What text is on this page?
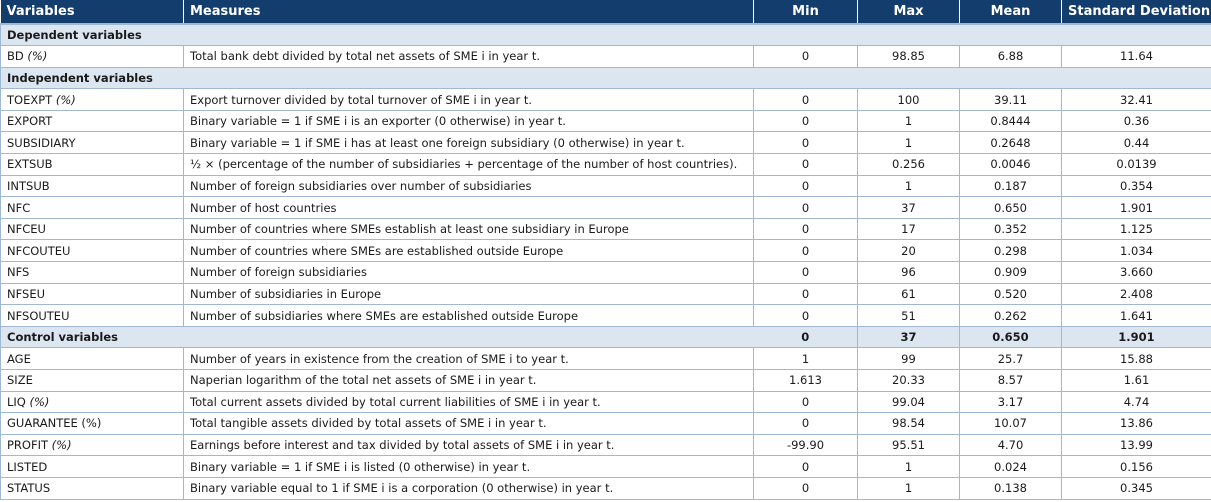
Variables	Measures	Min	Max	Mean	Standard Deviation
Dependent variables					
BD (%)	Total bank debt divided by total net assets of SME i in year t.	0	98.85	6.88	11.64
Independent variables					
TOEXPT (%)	Export turnover divided by total turnover of SME i in year t.	0	100	39.11	32.41
EXPORT	Binary variable = 1 if SME i is an exporter (0 otherwise) in year t.	0	1	0.8444	0.36
SUBSIDIARY	Binary variable = 1 if SME i has at least one foreign subsidiary (0 otherwise) in year t.	0	1	0.2648	0.44
EXTSUB	½ × (percentage of the number of subsidiaries + percentage of the number of host countries).	0	0.256	0.0046	0.0139
INTSUB	Number of foreign subsidiaries over number of subsidiaries	0	1	0.187	0.354
NFC	Number of host countries	0	37	0.650	1.901
NFCEU	Number of countries where SMEs establish at least one subsidiary in Europe	0	17	0.352	1.125
NFCOUTEU	Number of countries where SMEs are established outside Europe	0	20	0.298	1.034
NFS	Number of foreign subsidiaries	0	96	0.909	3.660
NFSEU	Number of subsidiaries in Europe	0	61	0.520	2.408
NFSOUTEU	Number of subsidiaries where SMEs are established outside Europe	0	51	0.262	1.641
Control variables		0	37	0.650	1.901
AGE	Number of years in existence from the creation of SME i to year t.	1	99	25.7	15.88
SIZE	Naperian logarithm of the total net assets of SME i in year t.	1.613	20.33	8.57	1.61
LIQ (%)	Total current assets divided by total current liabilities of SME i in year t.	0	99.04	3.17	4.74
GUARANTEE (%)	Total tangible assets divided by total assets of SME i in year t.	0	98.54	10.07	13.86
PROFIT (%)	Earnings before interest and tax divided by total assets of SME i in year t.	-99.90	95.51	4.70	13.99
LISTED	Binary variable = 1 if SME i is listed (0 otherwise) in year t.	0	1	0.024	0.156
STATUS	Binary variable equal to 1 if SME i is a corporation (0 otherwise) in year t.	0	1	0.138	0.345
